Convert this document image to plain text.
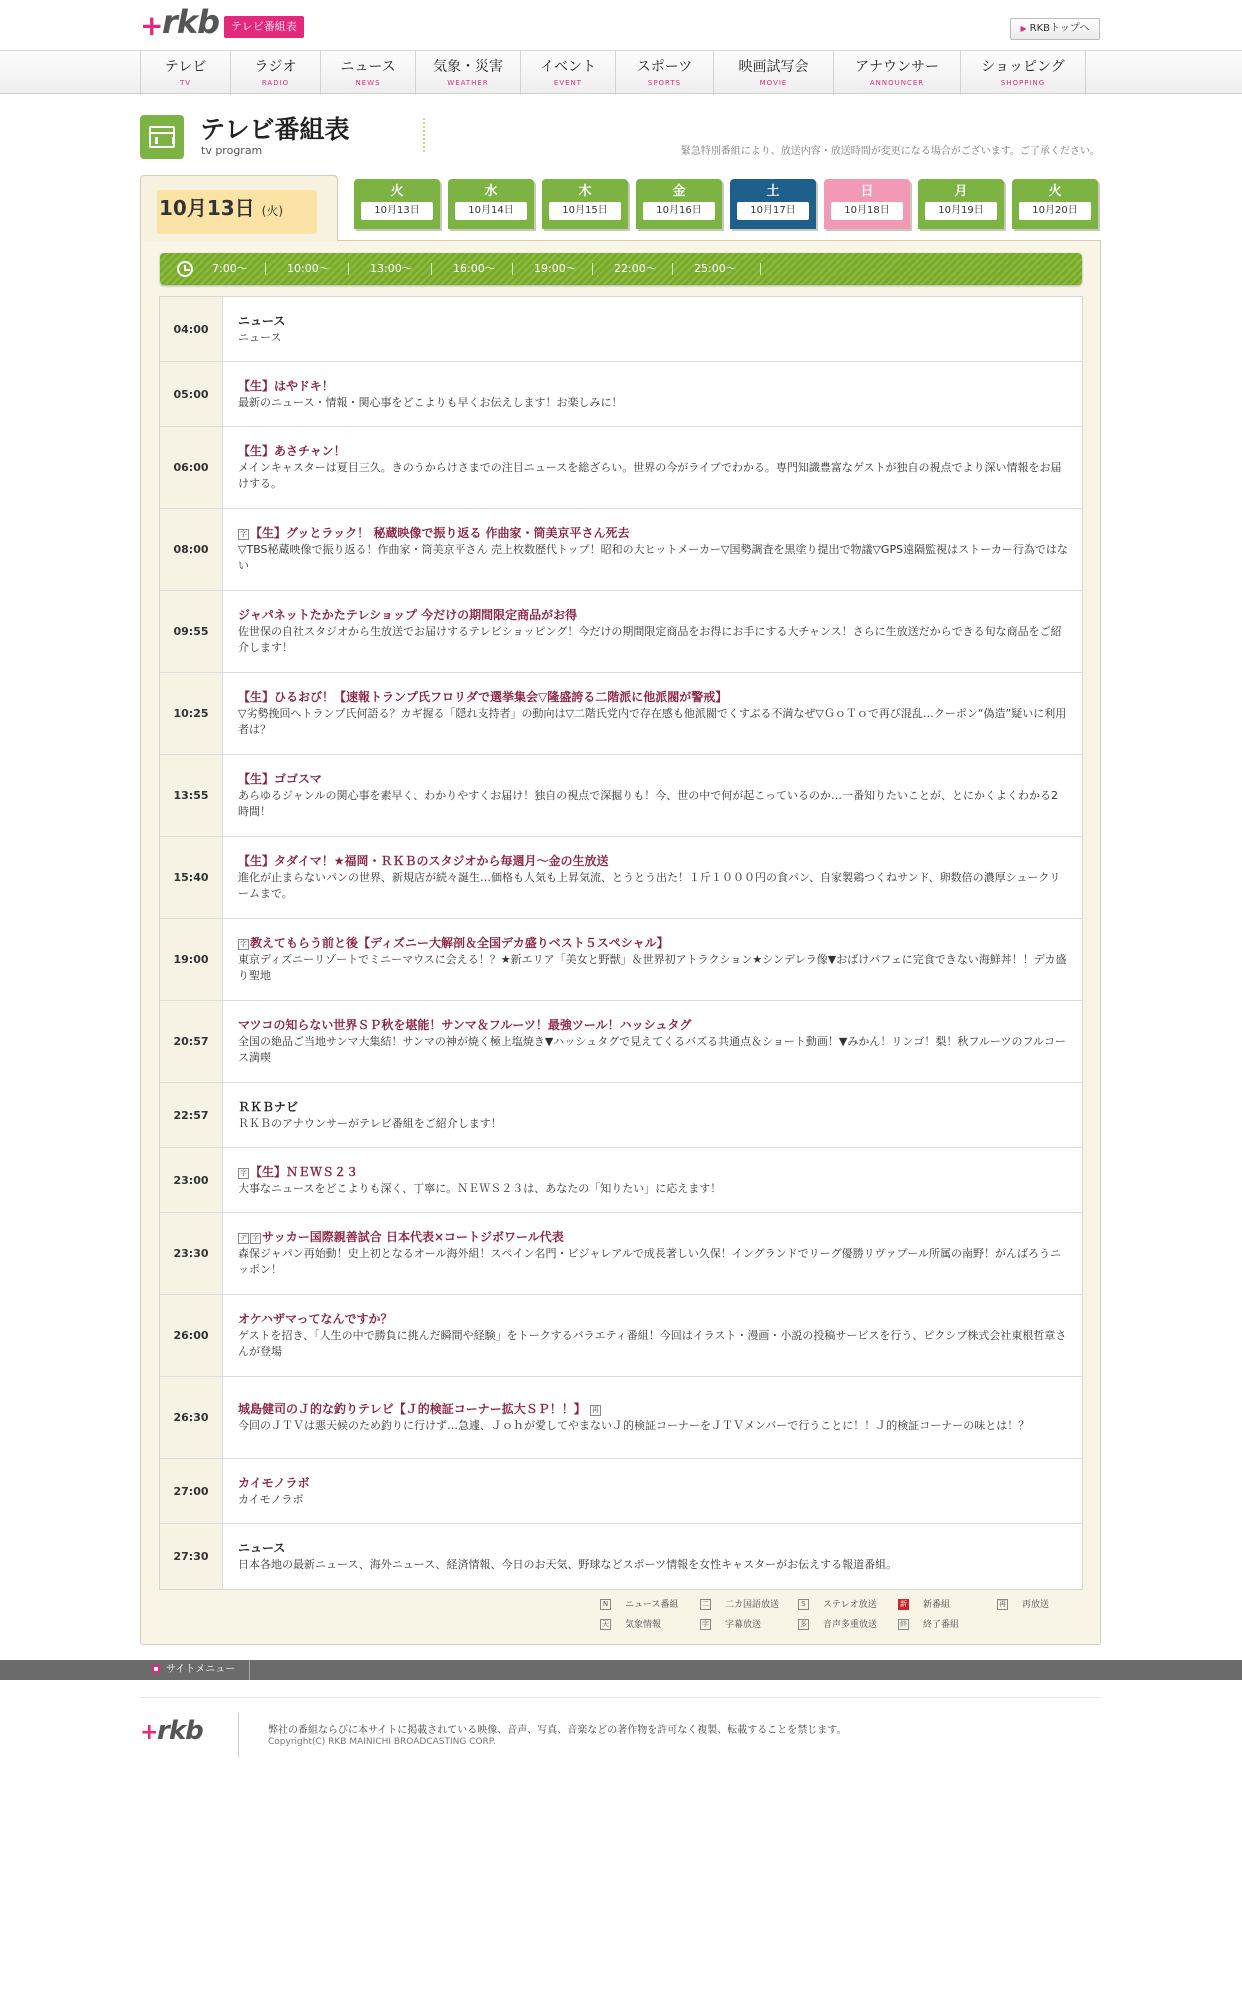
+
rkb	テレビ番組表	▶ RKBトップへ
テレビ
TV
ラジオ
RADIO
ニュース
NEWS
気象・災害
WEATHER
イベント
EVENT
スポーツ
SPORTS
映画試写会
MOVIE
アナウンサー
ANNOUNCER
ショッピング
SHOPPING
テレビ番組表
tv program	緊急特別番組により、放送内容・放送時間が変更になる場合がございます。ご了承ください。
10月13日 (火)
火
10月13日
水
10月14日
木
10月15日
金
10月16日
土
10月17日
日
10月18日
月
10月19日
火
10月20日
7:00～	10:00～	13:00～	16:00～	19:00～	22:00～	25:00～
04:00
ニュース
ニュース
05:00
【生】はやドキ！
最新のニュース・情報・関心事をどこよりも早くお伝えします！お楽しみに！
06:00
【生】あさチャン！
メインキャスターは夏目三久。きのうからけさまでの注目ニュースを総ざらい。世界の今がライブでわかる。専門知識豊富なゲストが独自の視点でより深い情報をお届けする。
08:00
字 【生】グッとラック！ 秘蔵映像で振り返る 作曲家・筒美京平さん死去
▽TBS秘蔵映像で振り返る！作曲家・筒美京平さん 売上枚数歴代トップ！昭和の大ヒットメーカー▽国勢調査を黒塗り提出で物議▽GPS遠隔監視はストーカー行為ではない
09:55
ジャパネットたかたテレショップ 今だけの期間限定商品がお得
佐世保の自社スタジオから生放送でお届けするテレビショッピング！今だけの期間限定商品をお得にお手にする大チャンス！さらに生放送だからできる旬な商品をご紹介します！
10:25
【生】ひるおび！【速報トランプ氏フロリダで選挙集会▽隆盛誇る二階派に他派閥が警戒】
▽劣勢挽回へトランプ氏何語る？カギ握る「隠れ支持者」の動向は▽二階氏党内で存在感も他派閥でくすぶる不満なぜ▽ＧｏＴｏで再び混乱…クーポン“偽造”疑いに利用者は？
13:55
【生】ゴゴスマ
あらゆるジャンルの関心事を素早く、わかりやすくお届け！独自の視点で深掘りも！今、世の中で何が起こっているのか…一番知りたいことが、とにかくよくわかる2時間！
15:40
【生】タダイマ！★福岡・ＲＫＢのスタジオから毎週月～金の生放送
進化が止まらないパンの世界、新規店が続々誕生…価格も人気も上昇気流、とうとう出た！１斤１０００円の食パン、自家製鶏つくねサンド、卵数倍の濃厚シュークリームまで。
19:00
字 教えてもらう前と後【ディズニー大解剖＆全国デカ盛りベスト５スペシャル】
東京ディズニーリゾートでミニーマウスに会える！？★新エリア「美女と野獣」＆世界初アトラクション★シンデレラ像▼おばけパフェに完食できない海鮮丼！！デカ盛り聖地
20:57
マツコの知らない世界ＳＰ秋を堪能！サンマ＆フルーツ！最強ツール！ハッシュタグ
全国の絶品ご当地サンマ大集結！サンマの神が焼く極上塩焼き▼ハッシュタグで見えてくるバズる共通点＆ショート動画！▼みかん！リンゴ！梨！秋フルーツのフルコース満喫
22:57
ＲＫＢナビ
ＲＫＢのアナウンサーがテレビ番組をご紹介します！
23:00
字 【生】ＮＥＷＳ２３
大事なニュースをどこよりも深く、丁寧に。ＮＥＷＳ２３は、あなたの「知りたい」に応えます！
23:30
デ 字 サッカー国際親善試合 日本代表×コートジボワール代表
森保ジャパン再始動！史上初となるオール海外組！スペイン名門・ビジャレアルで成長著しい久保！イングランドでリーグ優勝リヴァプール所属の南野！がんばろうニッポン！
26:00
オケハザマってなんですか？
ゲストを招き、「人生の中で勝負に挑んだ瞬間や経験」をトークするバラエティ番組！今回はイラスト・漫画・小説の投稿サービスを行う、ピクシブ株式会社東根哲章さんが登場
26:30
城島健司のＪ的な釣りテレビ【Ｊ的検証コーナー拡大ＳＰ！！】 再
今回のＪＴＶは悪天候のため釣りに行けず…急遽、Ｊｏｈが愛してやまないＪ的検証コーナーをＪＴＶメンバーで行うことに！！Ｊ的検証コーナーの味とは！？
27:00
カイモノラボ
カイモノラボ
27:30
ニュース
日本各地の最新ニュース、海外ニュース、経済情報、今日のお天気、野球などスポーツ情報を女性キャスターがお伝えする報道番組。
N ニュース番組	二 二カ国語放送	S ステレオ放送	新 新番組	再 再放送
天 気象情報	字 字幕放送	多 音声多重放送	終 終了番組
サイトメニュー
+
rkb	弊社の番組ならびに本サイトに掲載されている映像、音声、写真、音楽などの著作物を許可なく複製、転載することを禁じます。
Copyright(C) RKB MAINICHI BROADCASTING CORP.
